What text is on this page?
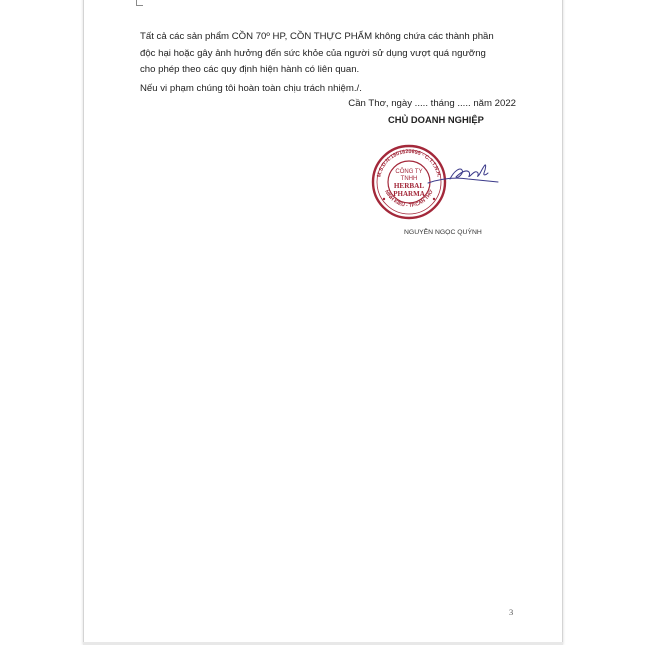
Tất cả các sản phẩm CỒN 70º HP, CỒN THỰC PHẨM không chứa các thành phần
độc hại hoặc gây ảnh hưởng đến sức khỏe của người sử dụng vượt quá ngưỡng
cho phép theo các quy định hiện hành có liên quan.

Nếu vi phạm chúng tôi hoàn toàn chịu trách nhiệm./.

Cần Thơ, ngày ..... tháng ..... năm 2022
CHỦ DOANH NGHIỆP
M.S.D.N:1801620695 - C.T.T.N.H.
NINH KIỀU - TP.CẦN THƠ
CÔNG TY
TNHH
HERBAL
PHARMA
NGUYỄN NGỌC QUỲNH
3
